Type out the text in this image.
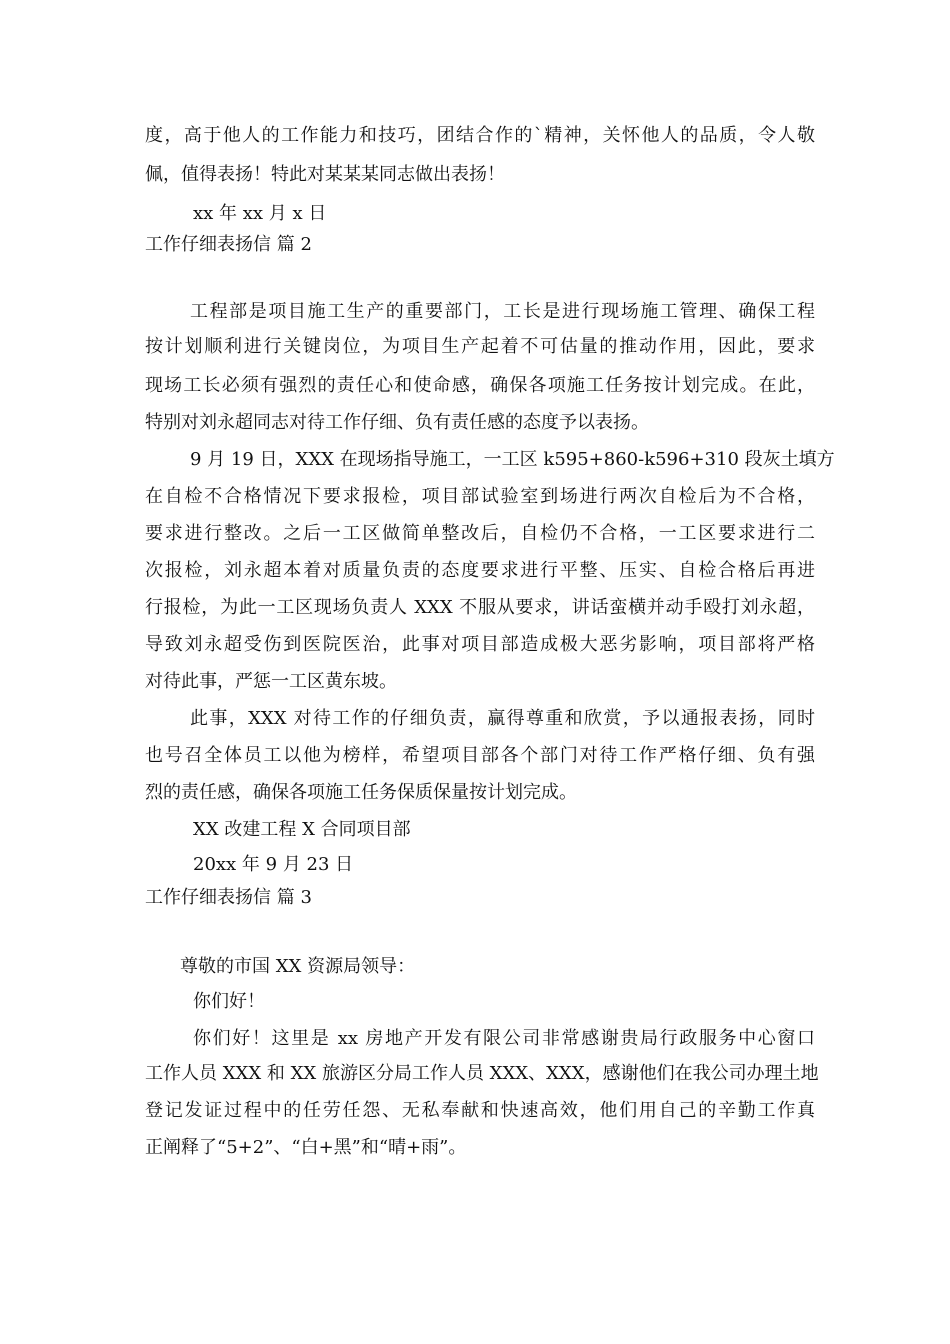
度，高于他人的工作能力和技巧，团结合作的`精神，关怀他人的品质，令人敬

佩，值得表扬！特此对某某某同志做出表扬！

xx 年 xx 月 x 日

工作仔细表扬信 篇 2

工程部是项目施工生产的重要部门，工长是进行现场施工管理、确保工程

按计划顺利进行关键岗位，为项目生产起着不可估量的推动作用，因此，要求

现场工长必须有强烈的责任心和使命感，确保各项施工任务按计划完成。在此，

特别对刘永超同志对待工作仔细、负有责任感的态度予以表扬。

9 月 19 日，XXX 在现场指导施工，一工区 k595+860-k596+310 段灰土填方

在自检不合格情况下要求报检，项目部试验室到场进行两次自检后为不合格，

要求进行整改。之后一工区做简单整改后，自检仍不合格，一工区要求进行二

次报检，刘永超本着对质量负责的态度要求进行平整、压实、自检合格后再进

行报检，为此一工区现场负责人 XXX 不服从要求，讲话蛮横并动手殴打刘永超，

导致刘永超受伤到医院医治，此事对项目部造成极大恶劣影响，项目部将严格

对待此事，严惩一工区黄东坡。

此事，XXX 对待工作的仔细负责，赢得尊重和欣赏，予以通报表扬，同时

也号召全体员工以他为榜样，希望项目部各个部门对待工作严格仔细、负有强

烈的责任感，确保各项施工任务保质保量按计划完成。

XX 改建工程 X 合同项目部

20xx 年 9 月 23 日

工作仔细表扬信 篇 3

尊敬的市国 XX 资源局领导：

你们好！

你们好！这里是 xx 房地产开发有限公司非常感谢贵局行政服务中心窗口

工作人员 XXX 和 XX 旅游区分局工作人员 XXX、XXX，感谢他们在我公司办理土地

登记发证过程中的任劳任怨、无私奉献和快速高效，他们用自己的辛勤工作真

正阐释了“5+2”、“白+黑”和“晴+雨”。
